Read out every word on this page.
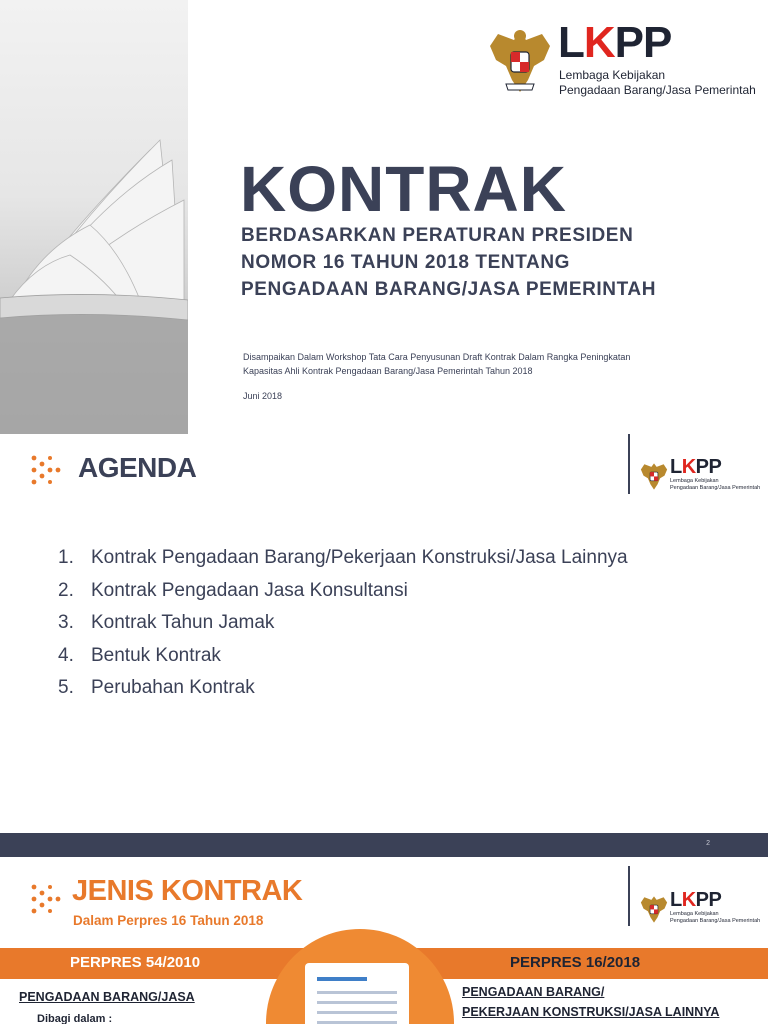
LKPP
Lembaga Kebijakan
Pengadaan Barang/Jasa Pemerintah
KONTRAK
BERDASARKAN PERATURAN PRESIDEN
NOMOR 16 TAHUN 2018 TENTANG
PENGADAAN BARANG/JASA PEMERINTAH
Disampaikan Dalam Workshop Tata Cara Penyusunan Draft Kontrak Dalam Rangka Peningkatan
Kapasitas Ahli Kontrak Pengadaan Barang/Jasa Pemerintah Tahun 2018
Juni 2018
AGENDA	LKPP
Lembaga Kebijakan
Pengadaan Barang/Jasa Pemerintah
1. Kontrak Pengadaan Barang/Pekerjaan Konstruksi/Jasa Lainnya
2. Kontrak Pengadaan Jasa Konsultansi
3. Kontrak Tahun Jamak
4. Bentuk Kontrak
5. Perubahan Kontrak
2
JENIS KONTRAK
Dalam Perpres 16 Tahun 2018
LKPP
Lembaga Kebijakan
Pengadaan Barang/Jasa Pemerintah
PERPRES 54/2010	PERPRES 16/2018
PENGADAAN BARANG/JASA
Dibagi dalam :
PENGADAAN BARANG/
PEKERJAAN KONSTRUKSI/JASA LAINNYA
